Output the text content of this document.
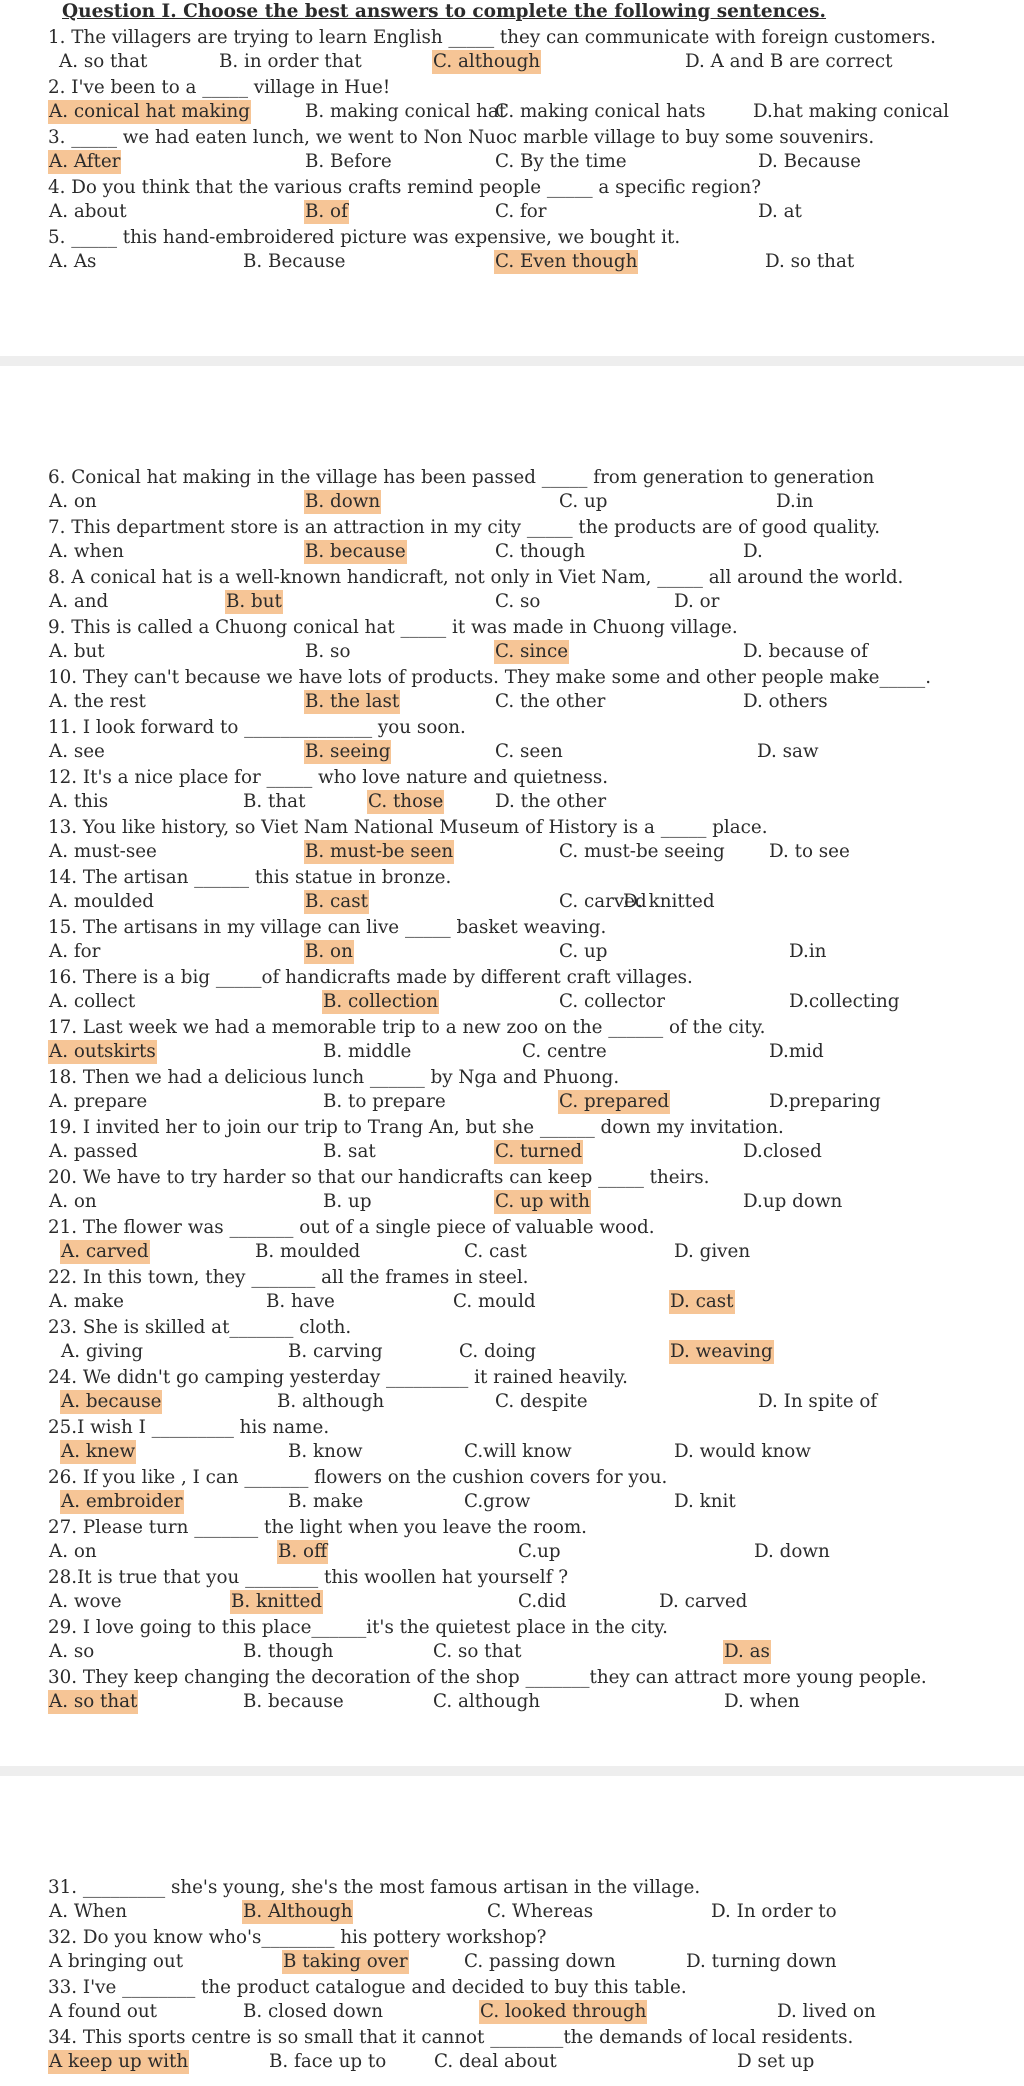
Question I. Choose the best answers to complete the following sentences.
1. The villagers are trying to learn English _____ they can communicate with foreign customers.
A. so that	B. in order that	C. although	D. A and B are correct
2. I've been to a _____ village in Hue!
A. conical hat making	B. making conical hat
C. making conical hats	D.hat making conical
3. _____ we had eaten lunch, we went to Non Nuoc marble village to buy some souvenirs.
A. After	B. Before	C. By the time	D. Because
4. Do you think that the various crafts remind people _____ a specific region?
A. about	B. of	C. for	D. at
5. _____ this hand-embroidered picture was expensive, we bought it.
A. As	B. Because	C. Even though	D. so that
6. Conical hat making in the village has been passed _____ from generation to generation
A. on	B. down	C. up	D.in
7. This department store is an attraction in my city _____ the products are of good quality.
A. when	B. because	C. though	D.
8. A conical hat is a well-known handicraft, not only in Viet Nam, _____ all around the world.
A. and	B. but	C. so	D. or
9. This is called a Chuong conical hat _____ it was made in Chuong village.
A. but	B. so	C. since	D. because of
10. They can't because we have lots of products. They make some and other people make_____.
A. the rest	B. the last	C. the other	D. others
11. I look forward to ______________ you soon.
A. see	B. seeing	C. seen	D. saw
12. It's a nice place for _____ who love nature and quietness.
A. this	B. that	C. those	D. the other
13. You like history, so Viet Nam National Museum of History is a _____ place.
A. must-see	B. must-be seen	C. must-be seeing D. to see
14. The artisan ______ this statue in bronze.
A. moulded	B. cast	C. carved
D. knitted
15. The artisans in my village can live _____ basket weaving.
A. for	B. on	C. up	D.in
16. There is a big _____of handicrafts made by different craft villages.
A. collect	B. collection	C. collector	D.collecting
17. Last week we had a memorable trip to a new zoo on the ______ of the city.
A. outskirts	B. middle	C. centre	D.mid
18. Then we had a delicious lunch ______ by Nga and Phuong.
A. prepare	B. to prepare	C. prepared	D.preparing
19. I invited her to join our trip to Trang An, but she ______ down my invitation.
A. passed	B. sat	C. turned	D.closed
20. We have to try harder so that our handicrafts can keep _____ theirs.
A. on	B. up	C. up with	D.up down
21. The flower was _______ out of a single piece of valuable wood.
A. carved	B. moulded	C. cast	D. given
22. In this town, they _______ all the frames in steel.
A. make	B. have	C. mould	D. cast
23. She is skilled at_______ cloth.
A. giving	B. carving	C. doing	D. weaving
24. We didn't go camping yesterday _________ it rained heavily.
A. because	B. although	C. despite	D. In spite of
25.I wish I _________ his name.
A. knew	B. know	C.will know	D. would know
26. If you like , I can _______ flowers on the cushion covers for you.
A. embroider	B. make	C.grow	D. knit
27. Please turn _______ the light when you leave the room.
A. on	B. off	C.up	D. down
28.It is true that you ________ this woollen hat yourself ?
A. wove	B. knitted	C.did	D. carved
29. I love going to this place______it's the quietest place in the city.
A. so	B. though	C. so that	D. as
30. They keep changing the decoration of the shop _______they can attract more young people.
A. so that	B. because	C. although	D. when
31. _________ she's young, she's the most famous artisan in the village.
A. When	B. Although	C. Whereas	D. In order to
32. Do you know who's________ his pottery workshop?
A bringing out	B taking over	C. passing down	D. turning down
33. I've ________ the product catalogue and decided to buy this table.
A found out	B. closed down	C. looked through	D. lived on
34. This sports centre is so small that it cannot ________the demands of local residents.
A keep up with	B. face up to	C. deal about	D set up
